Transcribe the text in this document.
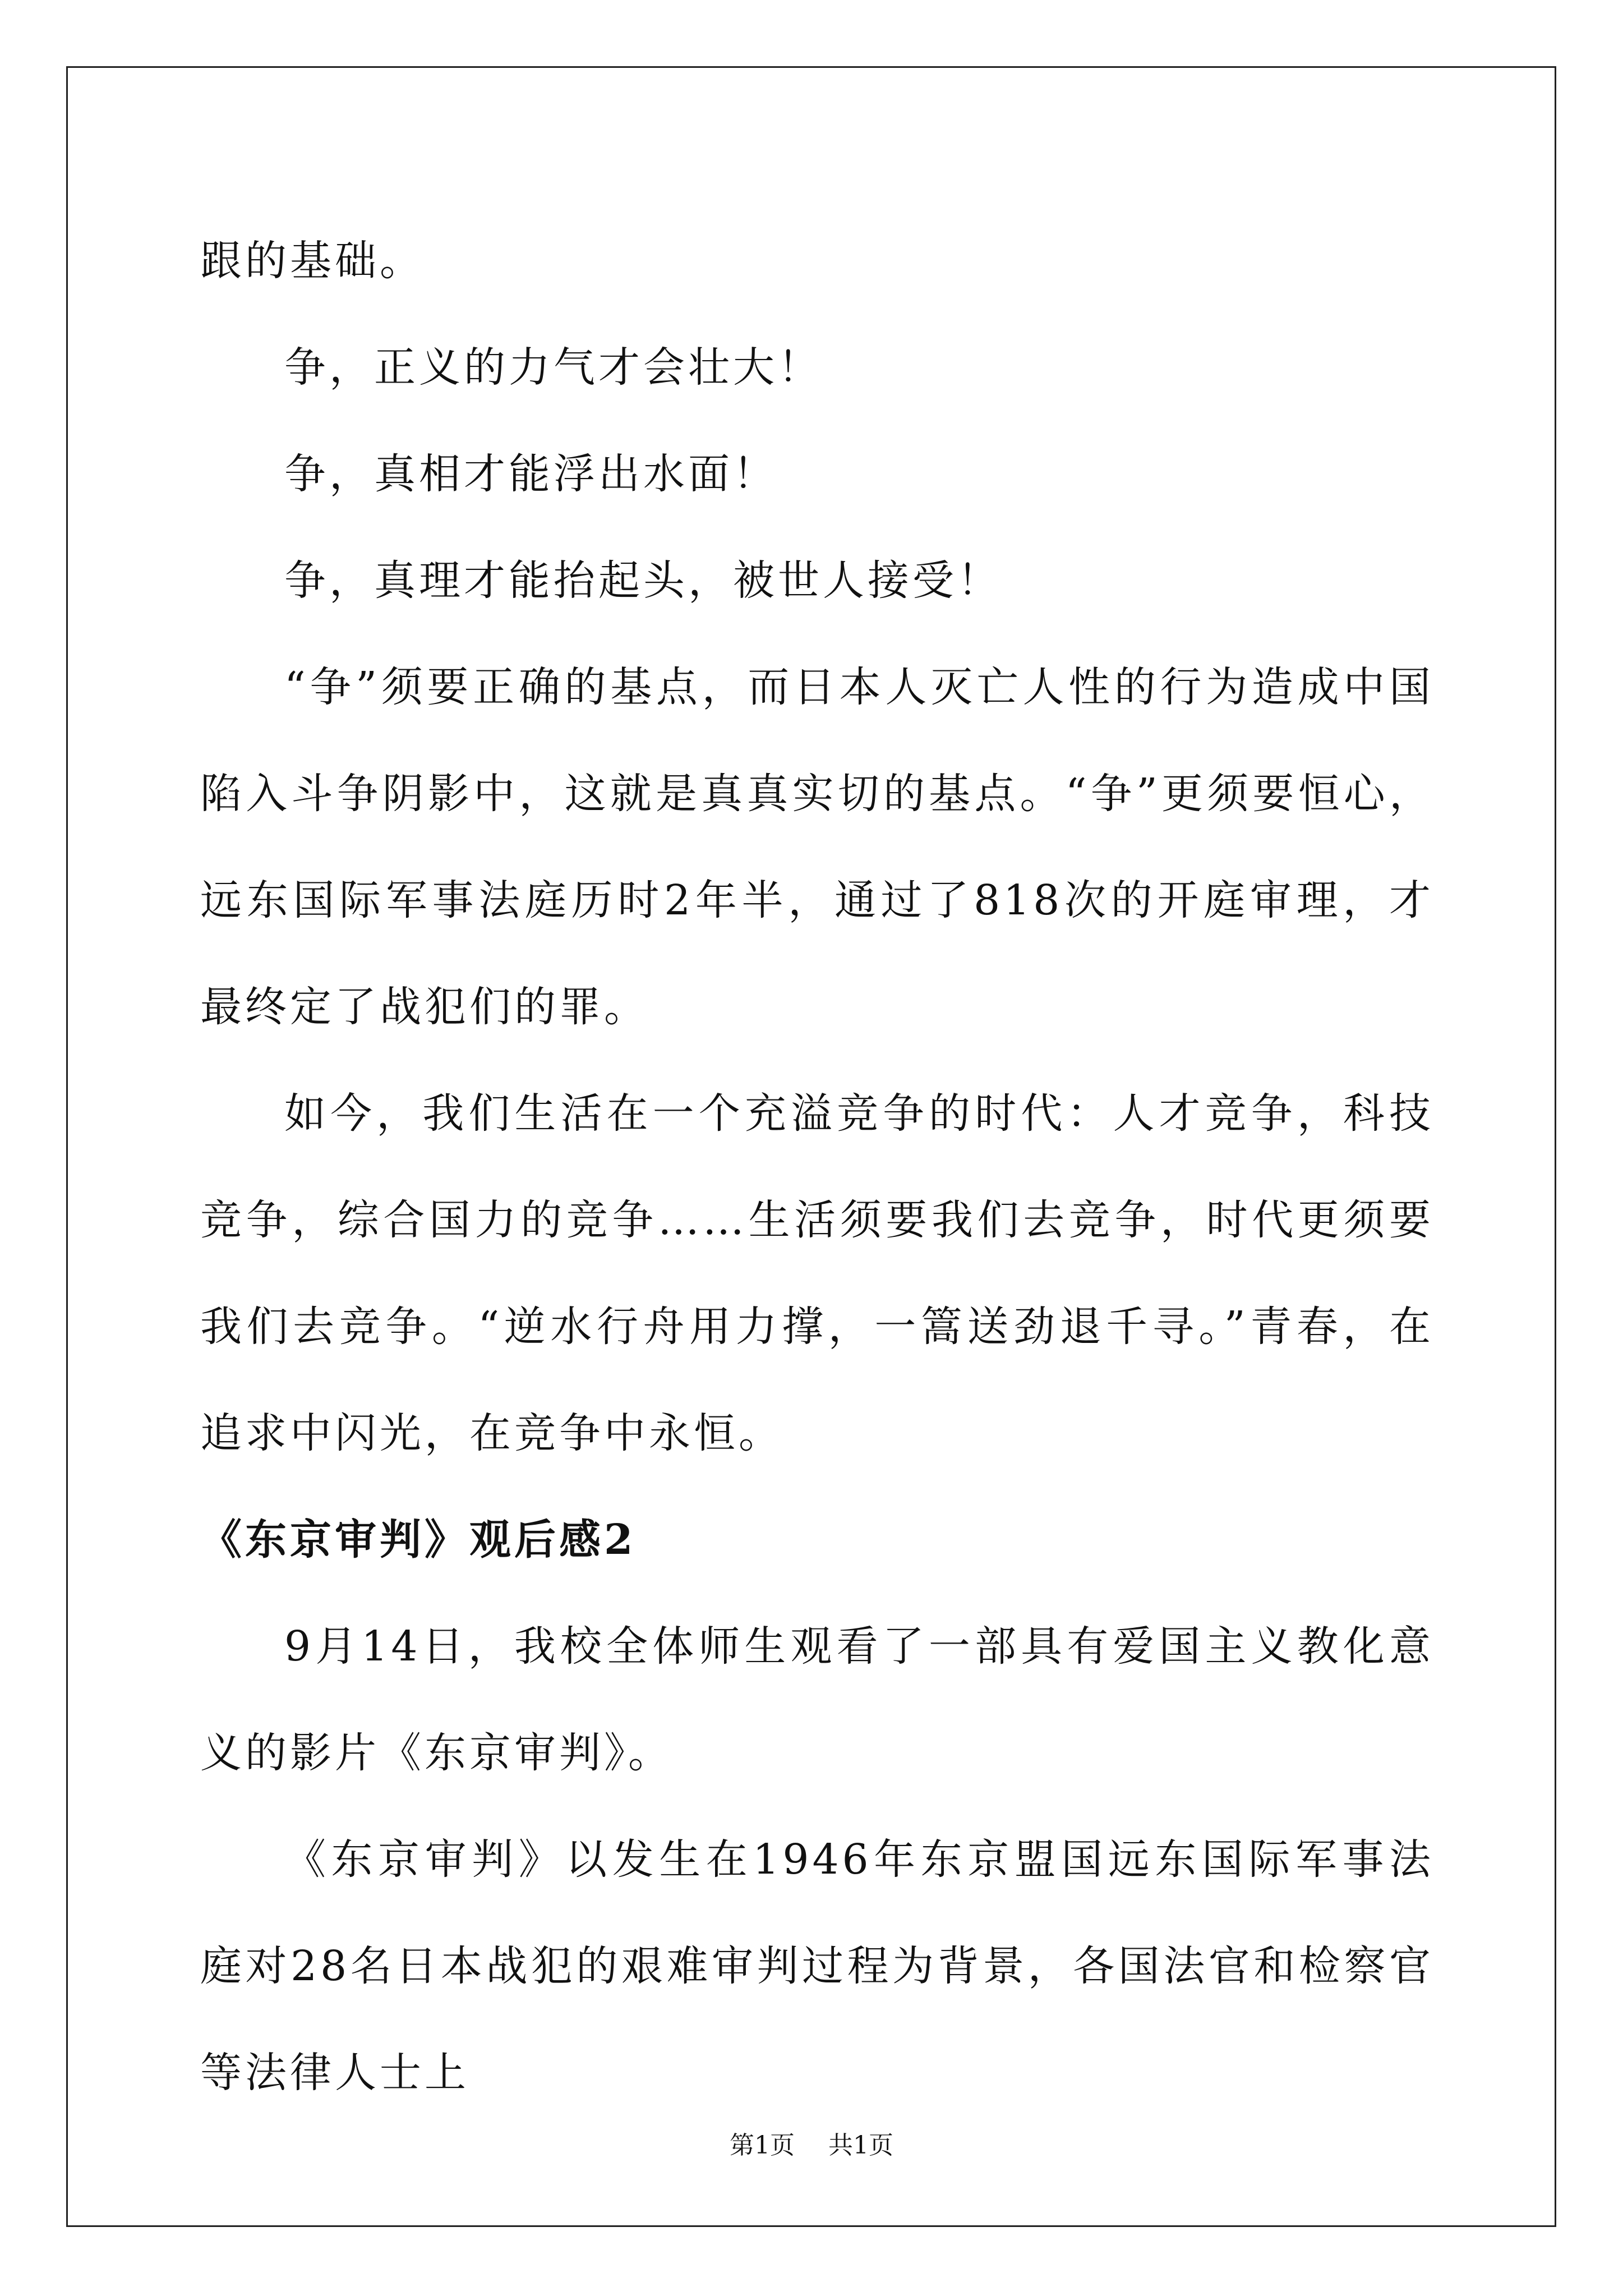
跟的基础。

争，正义的力气才会壮大！

争，真相才能浮出水面！

争，真理才能抬起头，被世人接受！

“争”须要正确的基点，而日本人灭亡人性的行为造成中国陷入斗争阴影中，这就是真真实切的基点。“争”更须要恒心，远东国际军事法庭历时2年半，通过了818次的开庭审理，才最终定了战犯们的罪。

如今，我们生活在一个充溢竞争的时代：人才竞争，科技竞争，综合国力的竞争……生活须要我们去竞争，时代更须要我们去竞争。“逆水行舟用力撑，一篙送劲退千寻。”青春，在追求中闪光，在竞争中永恒。

《东京审判》观后感2

9月14日，我校全体师生观看了一部具有爱国主义教化意义的影片《东京审判》。

《东京审判》以发生在1946年东京盟国远东国际军事法庭对28名日本战犯的艰难审判过程为背景，各国法官和检察官等法律人士上

第1页 共1页
